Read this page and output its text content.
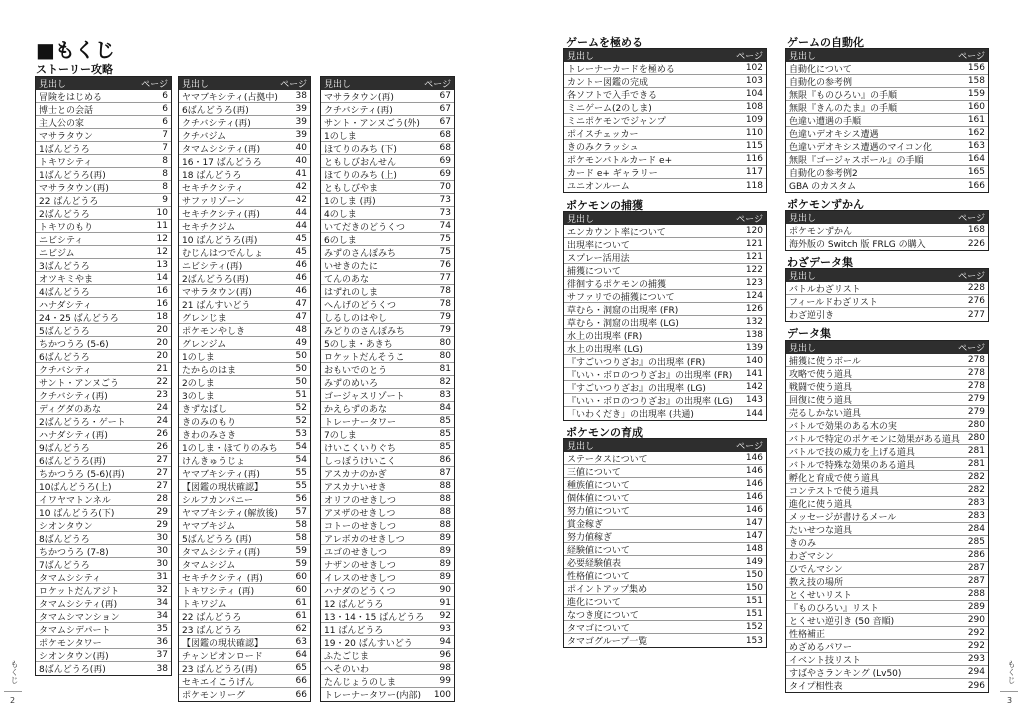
■もくじ
ストーリー攻略
見出し	ページ
冒険をはじめる	6
博士との会話	6
主人公の家	6
マサラタウン	7
1ばんどうろ	7
トキワシティ	8
1ばんどうろ(再)	8
マサラタウン(再)	8
22 ばんどうろ	9
2ばんどうろ	10
トキワのもり	11
ニビシティ	12
ニビジム	12
3ばんどうろ	13
オツキミやま	14
4ばんどうろ	16
ハナダシティ	16
24・25 ばんどうろ	18
5ばんどうろ	20
ちかつうろ (5-6)	20
6ばんどうろ	20
クチバシティ	21
サント・アンヌごう	22
クチバシティ(再)	23
ディグダのあな	24
2ばんどうろ・ゲート	24
ハナダシティ(再)	26
9ばんどうろ	26
6ばんどうろ(再)	27
ちかつうろ (5-6)(再)	27
10ばんどうろ(上)	27
イワヤマトンネル	28
10 ばんどうろ(下)	29
シオンタウン	29
8ばんどうろ	30
ちかつうろ (7-8)	30
7ばんどうろ	30
タマムシシティ	31
ロケットだんアジト	32
タマムシシティ(再)	34
タマムシマンション	34
タマムシデパート	35
ポケモンタワー	36
シオンタウン(再)	37
8ばんどうろ(再)	38
見出し	ページ
ヤマブキシティ(占拠中) 38
6ばんどうろ(再)	39
クチバシティ(再)	39
クチバジム	39
タマムシシティ(再)	40
16・17 ばんどうろ	40
18 ばんどうろ	41
セキチクシティ	42
サファリゾーン	42
セキチクシティ(再)	44
セキチクジム	44
10 ばんどうろ(再)	45
むじんはつでんしょ	45
ニビシティ(再)	46
2ばんどうろ(再)	46
マサラタウン(再)	46
21 ばんすいどう	47
グレンじま	47
ポケモンやしき	48
グレンジム	49
1のしま	50
たからのはま	50
2のしま	50
3のしま	51
きずなばし	52
きのみのもり	52
きわのみさき	53
1のしま・ほてりのみち 54
けんきゅうじょ	54
ヤマブキシティ(再)	55
【図鑑の現状確認】	55
シルフカンパニー	56
ヤマブキシティ(解放後) 57
ヤマブキジム	58
5ばんどうろ (再)	58
タマムシシティ(再)	59
タマムシジム	59
セキチクシティ (再)	60
トキワシティ (再)	60
トキワジム	61
22 ばんどうろ	61
23 ばんどうろ	62
【図鑑の現状確認】	63
チャンピオンロード	64
23 ばんどうろ(再)	65
セキエイこうげん	66
ポケモンリーグ	66
見出し	ページ
マサラタウン(再)	67
クチバシティ(再)	67
サント・アンヌごう(外) 67
1のしま	68
ほてりのみち (下)	68
ともしびおんせん	69
ほてりのみち (上)	69
ともしびやま	70
1のしま (再)	73
4のしま	73
いてだきのどうくつ	74
6のしま	75
みずのさんぽみち	75
いせきのたに	76
てんのあな	77
はずれのしま	78
へんげのどうくつ	78
しるしのはやし	79
みどりのさんぽみち	79
5のしま・あきち	80
ロケットだんそうこ	80
おもいでのとう	81
みずのめいろ	82
ゴージャスリゾート	83
かえらずのあな	84
トレーナータワー	85
7のしま	85
けいこくいりぐち	85
しっぽうけいこく	86
アスカナのかぎ	87
アスカナいせき	88
オリフのせきしつ	88
アヌザのせきしつ	88
コトーのせきしつ	88
アレボカのせきしつ	89
ユゴのせきしつ	89
ナザンのせきしつ	89
イレスのせきしつ	89
ハナダのどうくつ	90
12 ばんどうろ	91
13・14・15 ばんどうろ 92
11 ばんどうろ	93
19・20 ばんすいどう	94
ふたごじま	96
へそのいわ	98
たんじょうのしま	99
トレーナータワー(内部) 100
ゲームを極める
見出し	ページ
トレーナーカードを極める	102
カントー図鑑の完成	103
各ソフトで入手できる	104
ミニゲーム(2のしま)	108
ミニポケモンでジャンプ	109
ポイスチェッカー	110
きのみクラッシュ	115
ポケモンバトルカード e+	116
カード e+ ギャラリー	117
ユニオンルーム	118
ポケモンの捕獲
見出し	ページ
エンカウント率について	120
出現率について	121
スプレー活用法	121
捕獲について	122
徘徊するポケモンの捕獲	123
サファリでの捕獲について	124
草むら・洞窟の出現率 (FR)	126
草むら・洞窟の出現率 (LG)	132
水上の出現率 (FR)	138
水上の出現率 (LG)	139
『すごいつりざお』の出現率 (FR)	140
『いい・ボロのつりざお』の出現率 (FR) 141
『すごいつりざお』の出現率 (LG)	142
『いい・ボロのつりざお』の出現率 (LG) 143
「いわくだき」の出現率 (共通)	144
ポケモンの育成
見出し	ページ
ステータスについて	146
三値について	146
種族値について	146
個体値について	146
努力値について	146
賞金稼ぎ	147
努力値稼ぎ	147
経験値について	148
必要経験値表	149
性格値について	150
ポイントアップ集め	150
進化について	151
なつき度について	151
タマゴについて	152
タマゴグループ一覧	153
ゲームの自動化
見出し	ページ
自動化について	156
自動化の参考例	158
無限『ものひろい』の手順	159
無限『きんのたま』の手順	160
色違い遭遇の手順	161
色違いデオキシス遭遇	162
色違いデオキシス遭遇のマイコン化	163
無限『ゴージャスボール』の手順	164
自動化の参考例2	165
GBA のカスタム	166
ポケモンずかん
見出し	ページ
ポケモンずかん	168
海外版の Switch 版 FRLG の購入	226
わざデータ集
見出し	ページ
バトルわざリスト	228
フィールドわざリスト	276
わざ逆引き	277
データ集
見出し	ページ
捕獲に使うボール	278
攻略で使う道具	278
戦闘で使う道具	278
回復に使う道具	279
売るしかない道具	279
バトルで効果のある木の実	280
バトルで特定のポケモンに効果がある道具 280
バトルで技の威力を上げる道具	281
バトルで特殊な効果のある道具	281
孵化と育成で使う道具	282
コンテストで使う道具	282
進化に使う道具	283
メッセージが書けるメール	283
たいせつな道具	284
きのみ	285
わざマシン	286
ひでんマシン	287
教え技の場所	287
とくせいリスト	288
『ものひろい』リスト	289
とくせい逆引き (50 音順)	290
性格補正	292
めざめるパワー	292
イベント技リスト	293
すばやさランキング (Lv50)	294
タイプ相性表	296
もくじ
2
もくじ
3
